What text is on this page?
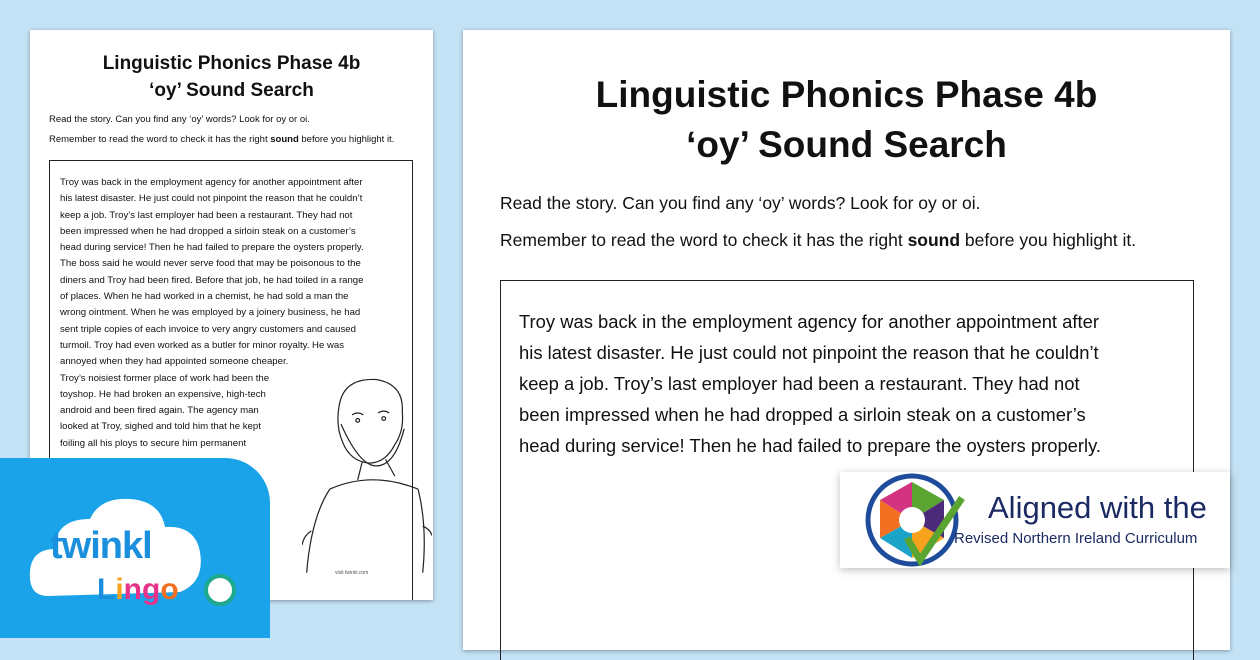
Linguistic Phonics Phase 4b
‘oy’ Sound Search
Read the story. Can you find any ‘oy’ words? Look for oy or oi.
Remember to read the word to check it has the right sound before you highlight it.
Troy was back in the employment agency for another appointment after
his latest disaster. He just could not pinpoint the reason that he couldn’t
keep a job. Troy’s last employer had been a restaurant. They had not
been impressed when he had dropped a sirloin steak on a customer’s
head during service! Then he had failed to prepare the oysters properly.
The boss said he would never serve food that may be poisonous to the
diners and Troy had been fired. Before that job, he had toiled in a range
of places. When he had worked in a chemist, he had sold a man the
wrong ointment. When he was employed by a joinery business, he had
sent triple copies of each invoice to very angry customers and caused
turmoil. Troy had even worked as a butler for minor royalty. He was
annoyed when they had appointed someone cheaper.
Troy’s noisiest former place of work had been the
toyshop. He had broken an expensive, high-tech
android and been fired again. The agency man
looked at Troy, sighed and told him that he kept
foiling all his ploys to secure him permanent
visit twinkl.com
Linguistic Phonics Phase 4b
‘oy’ Sound Search
Read the story. Can you find any ‘oy’ words? Look for oy or oi.
Remember to read the word to check it has the right sound before you highlight it.
Troy was back in the employment agency for another appointment after
his latest disaster. He just could not pinpoint the reason that he couldn’t
keep a job. Troy’s last employer had been a restaurant. They had not
been impressed when he had dropped a sirloin steak on a customer’s
head during service! Then he had failed to prepare the oysters properly.
twinkl
Lingo
Aligned with the
Revised Northern Ireland Curriculum
